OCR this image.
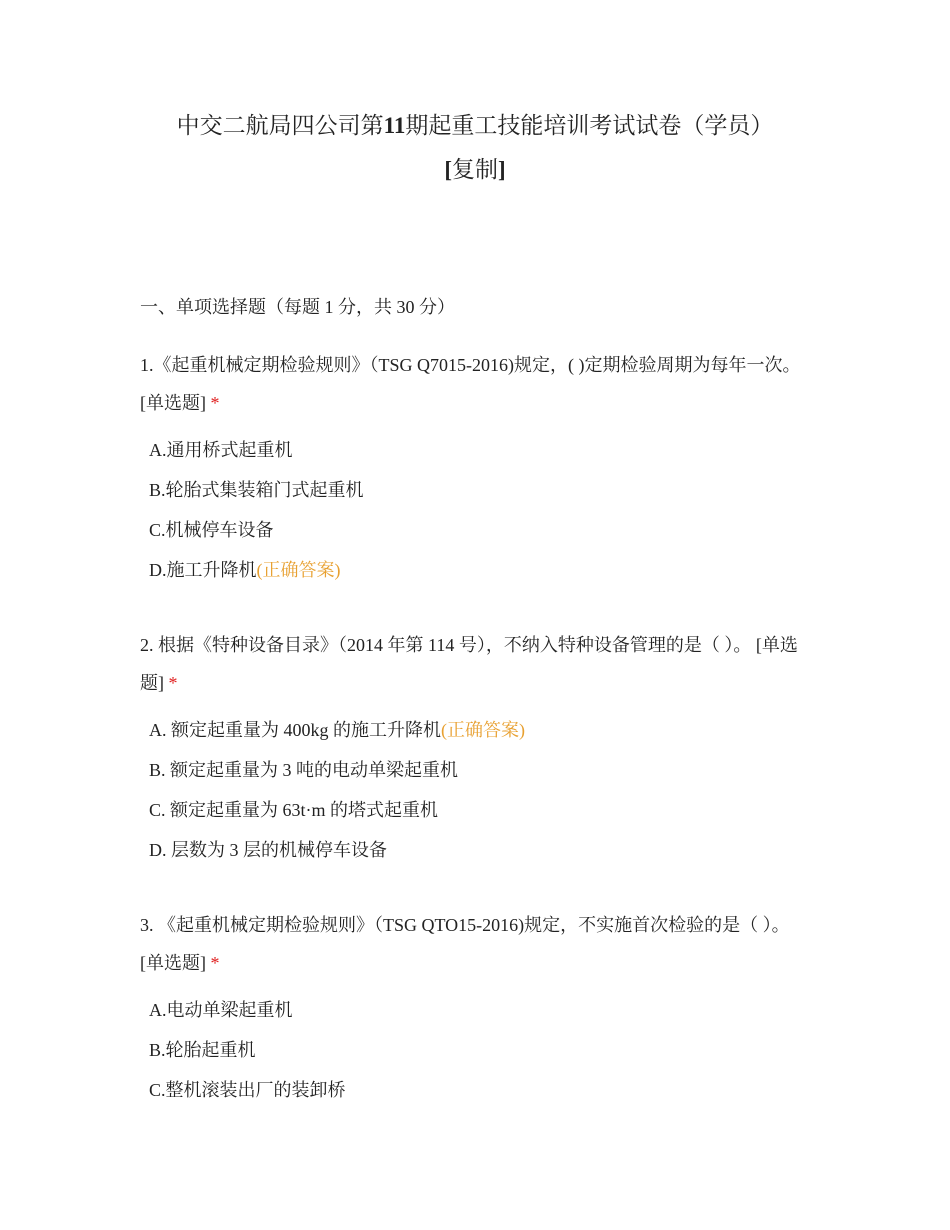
中交二航局四公司第11期起重工技能培训考试试卷（学员）
[复制]
一、单项选择题（每题 1 分，共 30 分）
1.《起重机械定期检验规则》（TSG Q7015-2016)规定，( )定期检验周期为每年一次。 [单选题] *
A.通用桥式起重机
B.轮胎式集装箱门式起重机
C.机械停车设备
D.施工升降机(正确答案)
2. 根据《特种设备目录》（2014 年第 114 号），不纳入特种设备管理的是（ ）。 [单选题] *
A. 额定起重量为 400kg 的施工升降机(正确答案)
B. 额定起重量为 3 吨的电动单梁起重机
C. 额定起重量为 63t·m 的塔式起重机
D. 层数为 3 层的机械停车设备
3. 《起重机械定期检验规则》（TSG QTO15-2016)规定，不实施首次检验的是（ ）。 [单选题] *
A.电动单梁起重机
B.轮胎起重机
C.整机滚装出厂的装卸桥
